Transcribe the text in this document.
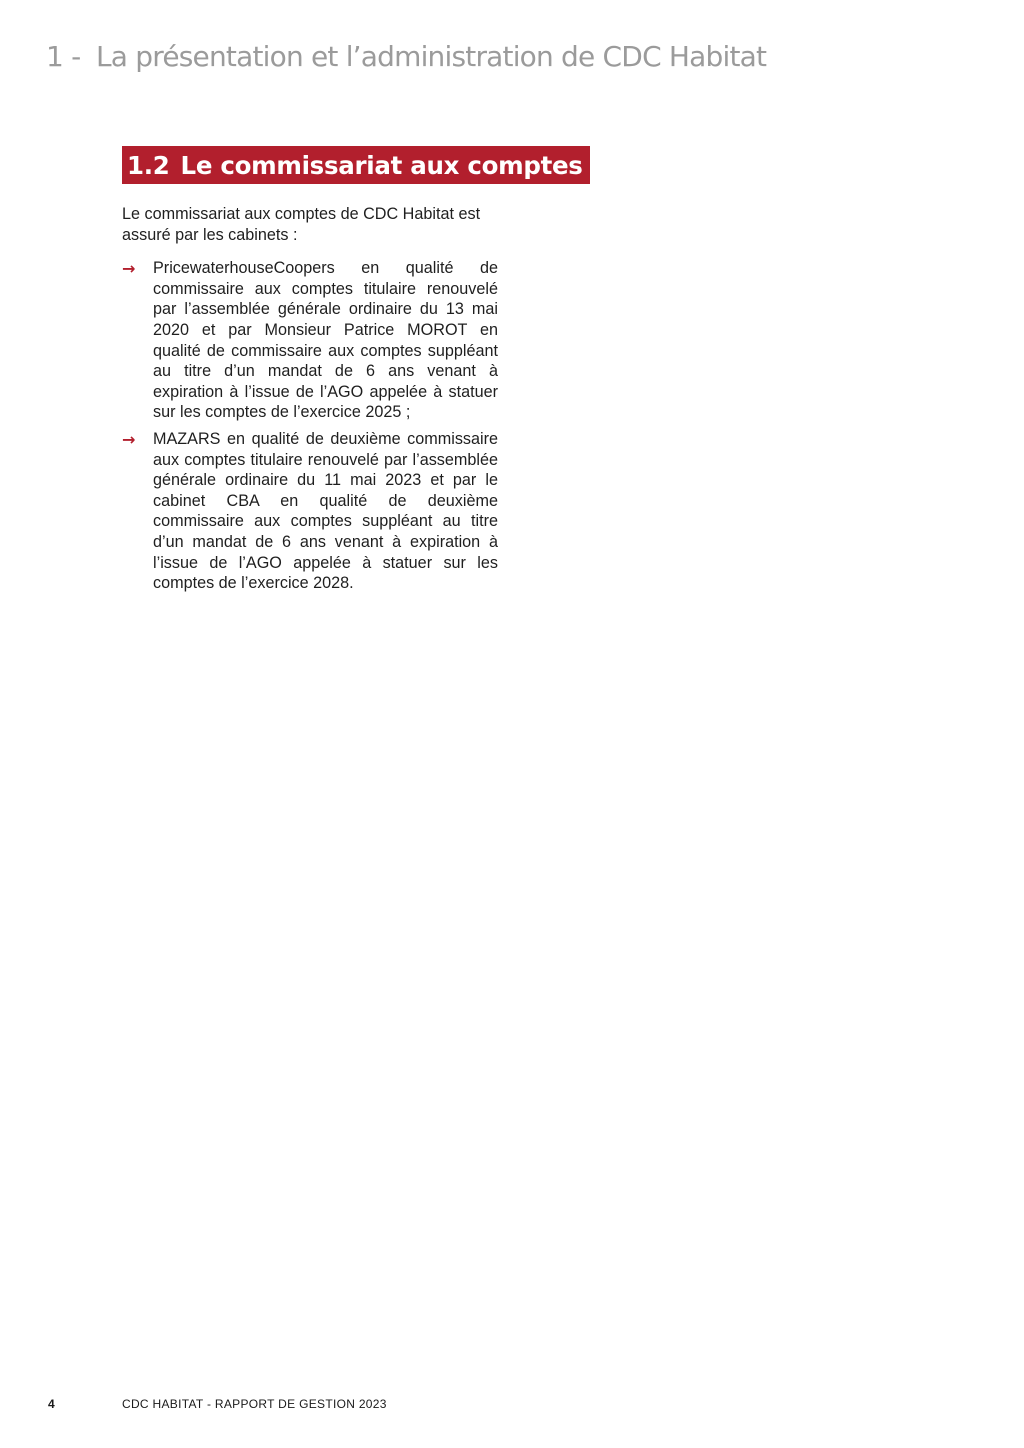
1 - La présentation et l’administration de CDC Habitat
1.2 Le commissariat aux comptes

Le commissariat aux comptes de CDC Habitat est assuré par les cabinets :

→ PricewaterhouseCoopers en qualité de commissaire aux comptes titulaire renouvelé par l’assemblée générale ordinaire du 13 mai 2020 et par Monsieur Patrice MOROT en qualité de commissaire aux comptes suppléant au titre d’un mandat de 6 ans venant à expiration à l’issue de l’AGO appelée à statuer sur les comptes de l’exercice 2025 ;
→ MAZARS en qualité de deuxième commissaire aux comptes titulaire renouvelé par l’assemblée générale ordinaire du 11 mai 2023 et par le cabinet CBA en qualité de deuxième commissaire aux comptes suppléant au titre d’un mandat de 6 ans venant à expiration à l’issue de l’AGO appelée à statuer sur les comptes de l’exercice 2028.
4	CDC HABITAT - RAPPORT DE GESTION 2023
